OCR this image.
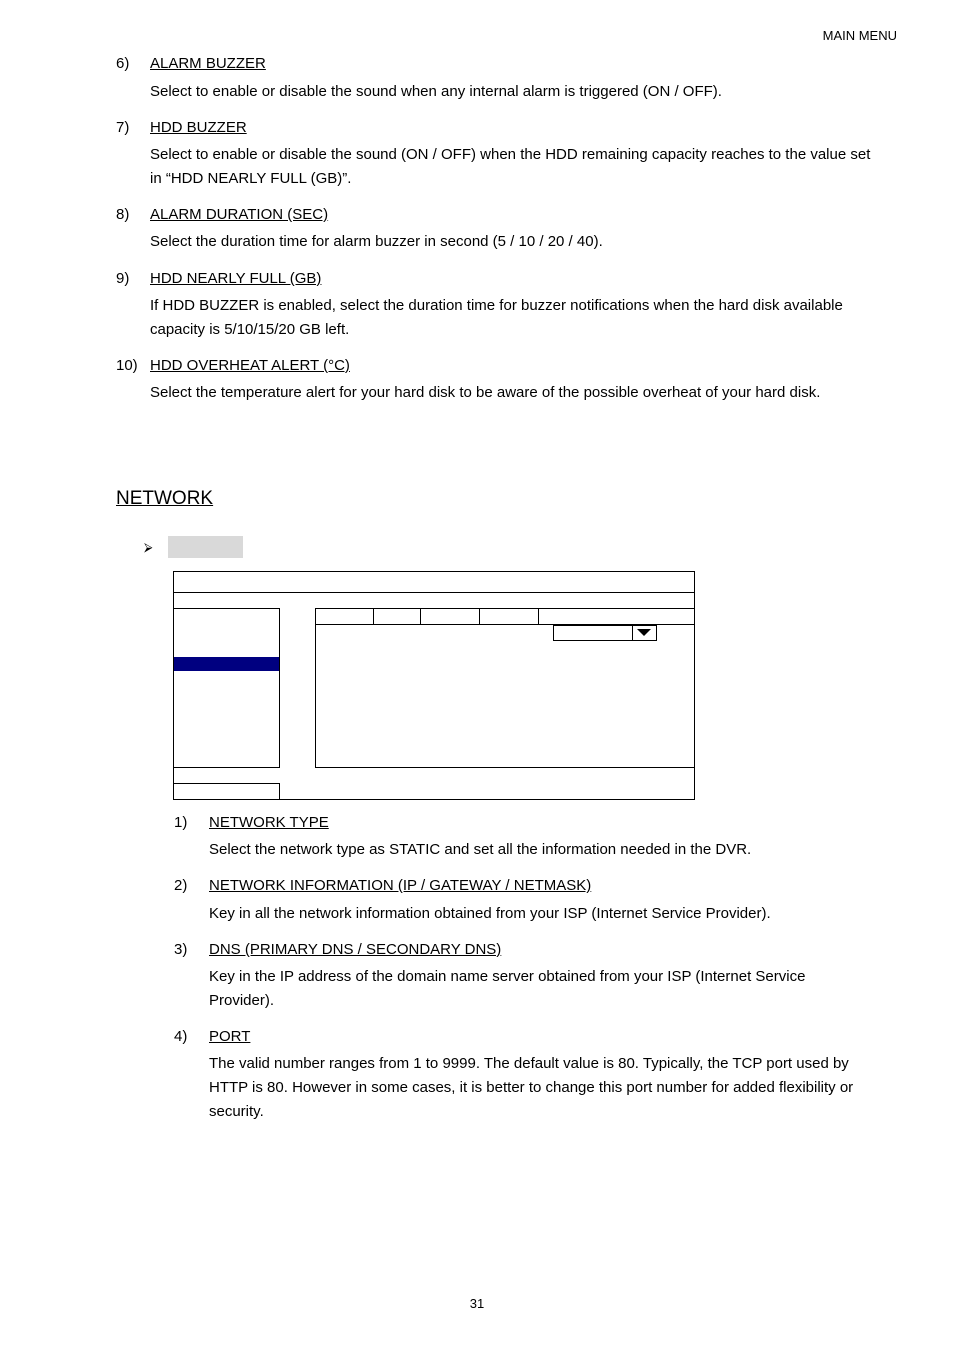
MAIN MENU
6) ALARM BUZZER
Select to enable or disable the sound when any internal alarm is triggered (ON / OFF).
7) HDD BUZZER
Select to enable or disable the sound (ON / OFF) when the HDD remaining capacity reaches to the value set
in “HDD NEARLY FULL (GB)”.
8) ALARM DURATION (SEC)
Select the duration time for alarm buzzer in second (5 / 10 / 20 / 40).
9) HDD NEARLY FULL (GB)
If HDD BUZZER is enabled, select the duration time for buzzer notifications when the hard disk available
capacity is 5/10/15/20 GB left.
10) HDD OVERHEAT ALERT (°C)
Select the temperature alert for your hard disk to be aware of the possible overheat of your hard disk.
NETWORK
⮚
1) NETWORK TYPE
Select the network type as STATIC and set all the information needed in the DVR.
2) NETWORK INFORMATION (IP / GATEWAY / NETMASK)
Key in all the network information obtained from your ISP (Internet Service Provider).
3) DNS (PRIMARY DNS / SECONDARY DNS)
Key in the IP address of the domain name server obtained from your ISP (Internet Service
Provider).
4) PORT
The valid number ranges from 1 to 9999. The default value is 80. Typically, the TCP port used by
HTTP is 80. However in some cases, it is better to change this port number for added flexibility or
security.
31
